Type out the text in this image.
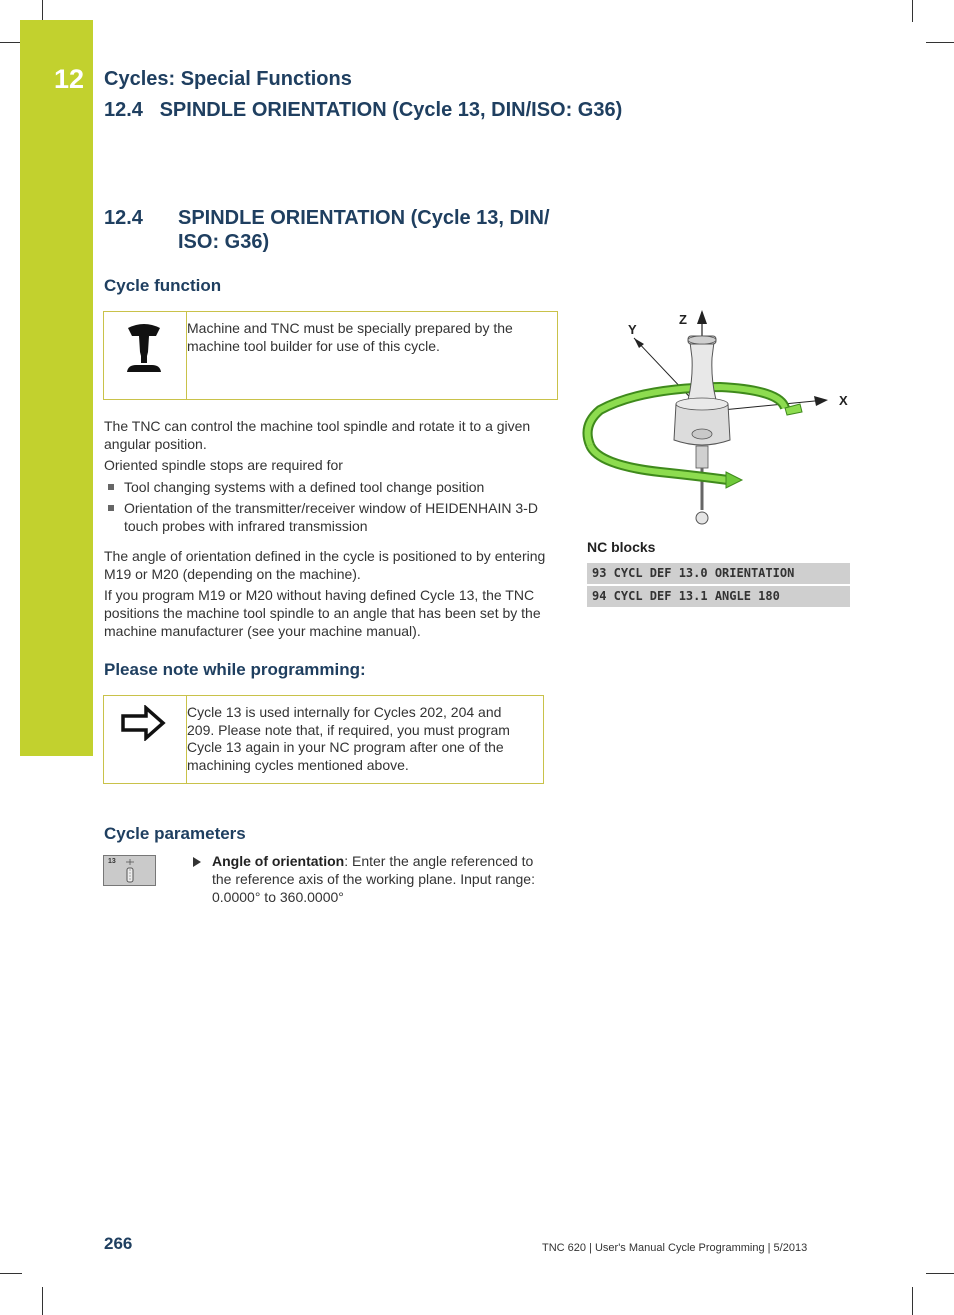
12 Cycles: Special Functions
12.4   SPINDLE ORIENTATION (Cycle 13, DIN/ISO: G36)
12.4 SPINDLE ORIENTATION (Cycle 13, DIN/ ISO: G36)
Cycle function
Machine and TNC must be specially prepared by the machine tool builder for use of this cycle.
The TNC can control the machine tool spindle and rotate it to a given angular position.
Oriented spindle stops are required for
Tool changing systems with a defined tool change position
Orientation of the transmitter/receiver window of HEIDENHAIN 3-D touch probes with infrared transmission
The angle of orientation defined in the cycle is positioned to by entering M19 or M20 (depending on the machine).
If you program M19 or M20 without having defined Cycle 13, the TNC positions the machine tool spindle to an angle that has been set by the machine manufacturer (see your machine manual).
Please note while programming:
Cycle 13 is used internally for Cycles 202, 204 and 209. Please note that, if required, you must program Cycle 13 again in your NC program after one of the machining cycles mentioned above.
Cycle parameters
13	Angle of orientation: Enter the angle referenced to the reference axis of the working plane. Input range: 0.0000° to 360.0000°
Z
Y
X
NC blocks
93 CYCL DEF 13.0 ORIENTATION
94 CYCL DEF 13.1 ANGLE 180
266	TNC 620 | User's Manual Cycle Programming | 5/2013
